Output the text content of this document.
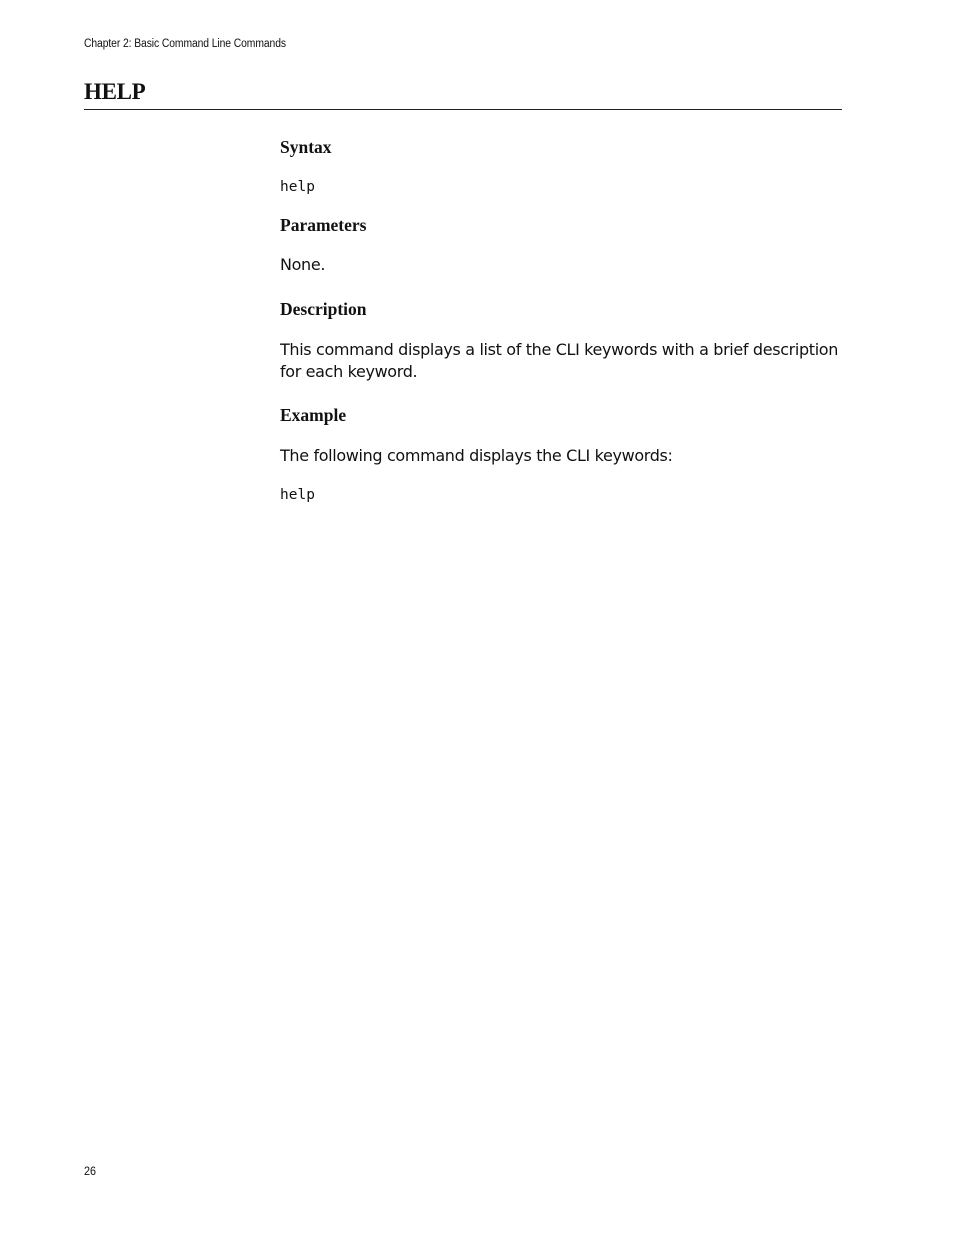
Chapter 2: Basic Command Line Commands
HELP
Syntax
help
Parameters

None.

Description

This command displays a list of the CLI keywords with a brief description for each keyword.

Example

The following command displays the CLI keywords:

help
26
